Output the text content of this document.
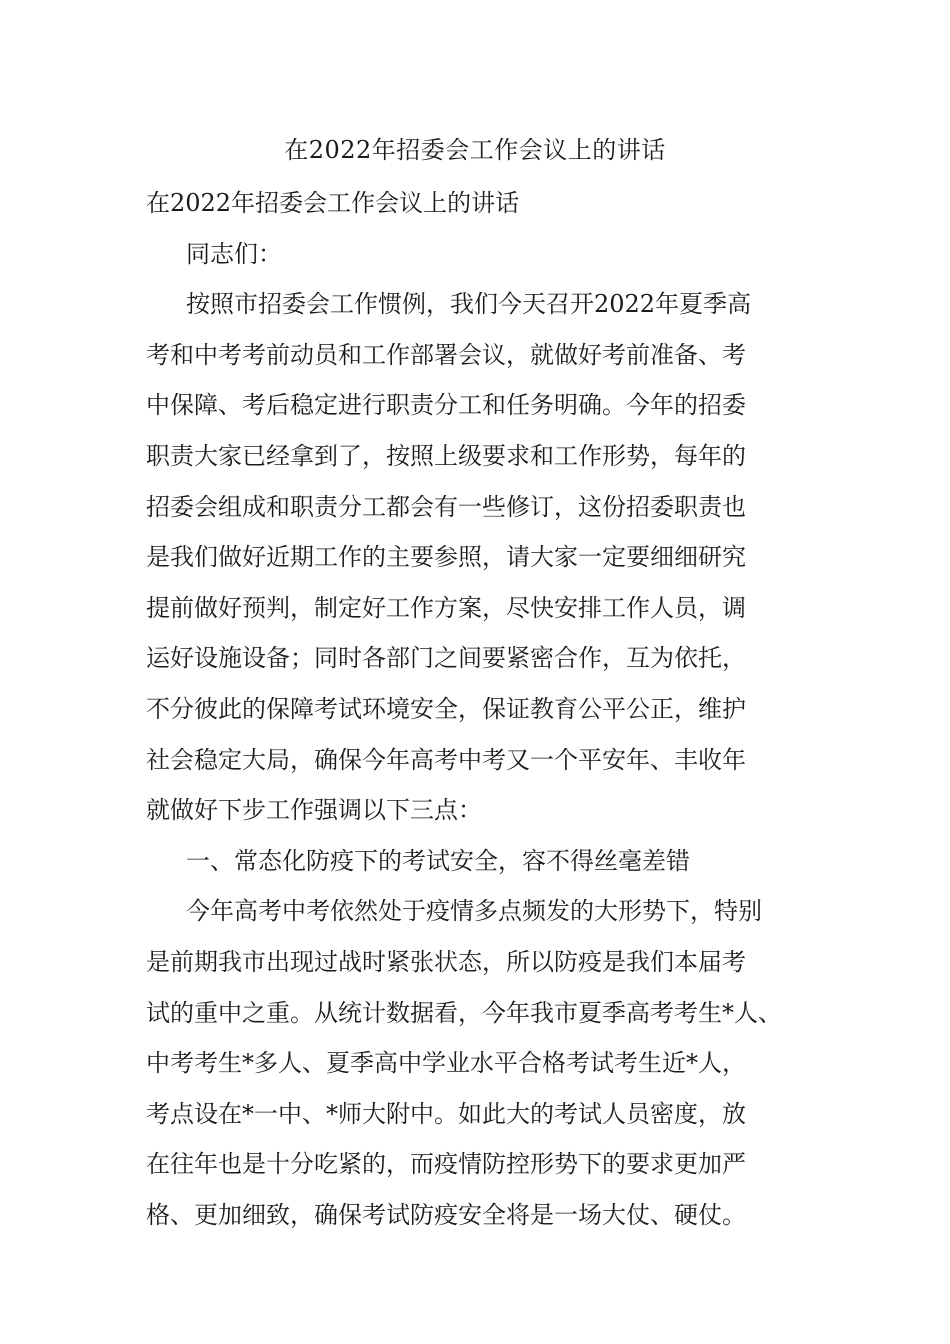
在2022年招委会工作会议上的讲话
在2022年招委会工作会议上的讲话
同志们：
按照市招委会工作惯例，我们今天召开2022年夏季高
考和中考考前动员和工作部署会议，就做好考前准备、考
中保障、考后稳定进行职责分工和任务明确。今年的招委
职责大家已经拿到了，按照上级要求和工作形势，每年的
招委会组成和职责分工都会有一些修订，这份招委职责也
是我们做好近期工作的主要参照，请大家一定要细细研究
提前做好预判，制定好工作方案，尽快安排工作人员，调
运好设施设备；同时各部门之间要紧密合作，互为依托，
不分彼此的保障考试环境安全，保证教育公平公正，维护
社会稳定大局，确保今年高考中考又一个平安年、丰收年
就做好下步工作强调以下三点：
一、常态化防疫下的考试安全，容不得丝毫差错
今年高考中考依然处于疫情多点频发的大形势下，特别
是前期我市出现过战时紧张状态，所以防疫是我们本届考
试的重中之重。从统计数据看，今年我市夏季高考考生*人、
中考考生*多人、夏季高中学业水平合格考试考生近*人，
考点设在*一中、*师大附中。如此大的考试人员密度，放
在往年也是十分吃紧的，而疫情防控形势下的要求更加严
格、更加细致，确保考试防疫安全将是一场大仗、硬仗。
